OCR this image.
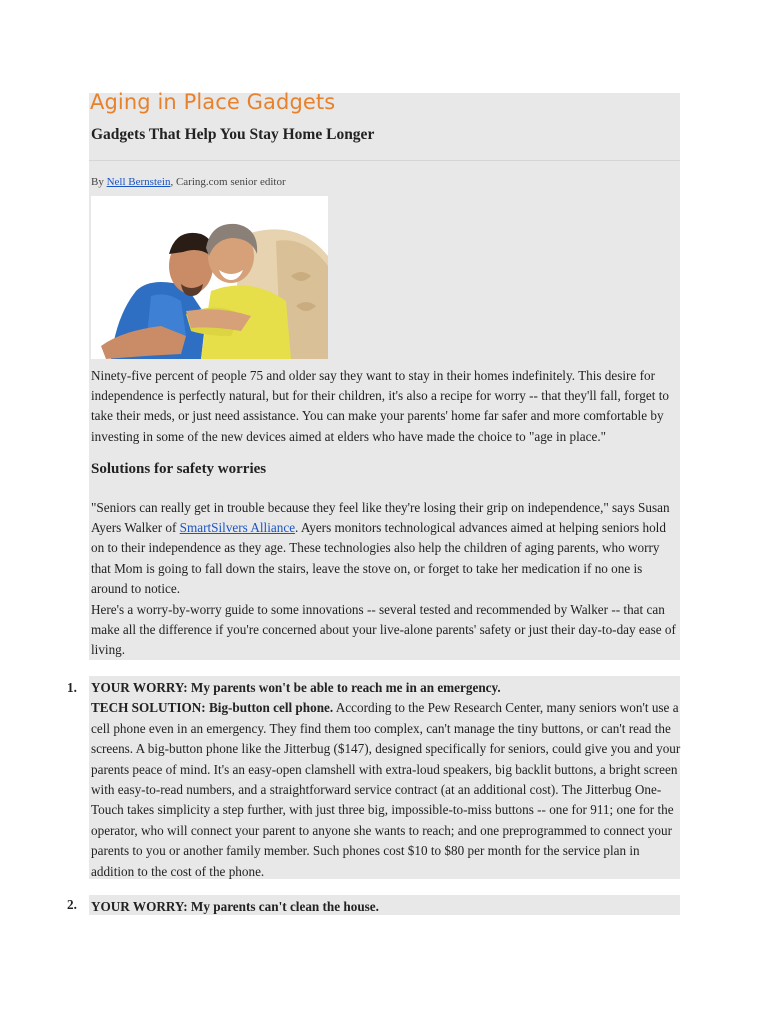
Aging in Place Gadgets
Gadgets That Help You Stay Home Longer
By Nell Bernstein, Caring.com senior editor

Ninety-five percent of people 75 and older say they want to stay in their homes indefinitely. This desire for independence is perfectly natural, but for their children, it's also a recipe for worry -- that they'll fall, forget to take their meds, or just need assistance. You can make your parents' home far safer and more comfortable by investing in some of the new devices aimed at elders who have made the choice to "age in place."

Solutions for safety worries

"Seniors can really get in trouble because they feel like they're losing their grip on independence," says Susan Ayers Walker of SmartSilvers Alliance. Ayers monitors technological advances aimed at helping seniors hold on to their independence as they age. These technologies also help the children of aging parents, who worry that Mom is going to fall down the stairs, leave the stove on, or forget to take her medication if no one is around to notice.

Here's a worry-by-worry guide to some innovations -- several tested and recommended by Walker -- that can make all the difference if you're concerned about your live-alone parents' safety or just their day-to-day ease of living.

1. YOUR WORRY: My parents won't be able to reach me in an emergency.
TECH SOLUTION: Big-button cell phone. According to the Pew Research Center, many seniors won't use a cell phone even in an emergency. They find them too complex, can't manage the tiny buttons, or can't read the screens. A big-button phone like the Jitterbug ($147), designed specifically for seniors, could give you and your parents peace of mind. It's an easy-open clamshell with extra-loud speakers, big backlit buttons, a bright screen with easy-to-read numbers, and a straightforward service contract (at an additional cost). The Jitterbug One-Touch takes simplicity a step further, with just three big, impossible-to-miss buttons -- one for 911; one for the operator, who will connect your parent to anyone she wants to reach; and one preprogrammed to connect your parents to you or another family member. Such phones cost $10 to $80 per month for the service plan in addition to the cost of the phone.

2. YOUR WORRY: My parents can't clean the house.
